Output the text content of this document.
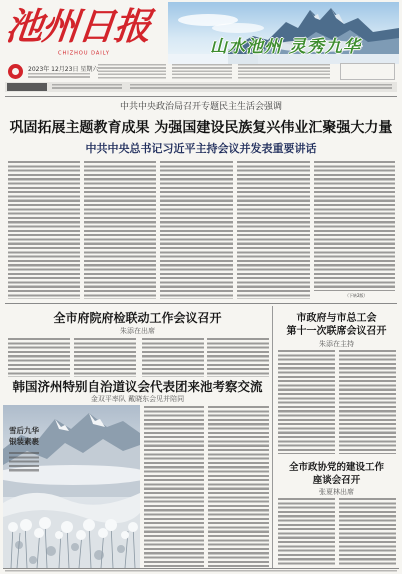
池州日报
CHIZHOU DAILY	山水池州 灵秀九华
2023年 12月23日 星期六
中共中央政治局召开专题民主生活会强调
巩固拓展主题教育成果 为强国建设民族复兴伟业汇聚强大力量
中共中央总书记习近平主持会议并发表重要讲话
（下转2版）
全市府院府检联动工作会议召开
朱添在出席
韩国济州特别自治道议会代表团来池考察交流
金双平率队 戴晓东会见并陪同
雪后九华
银装素裹
市政府与市总工会
第十一次联席会议召开
朱添在主持
全市政协党的建设工作
座谈会召开
张夏林出席
